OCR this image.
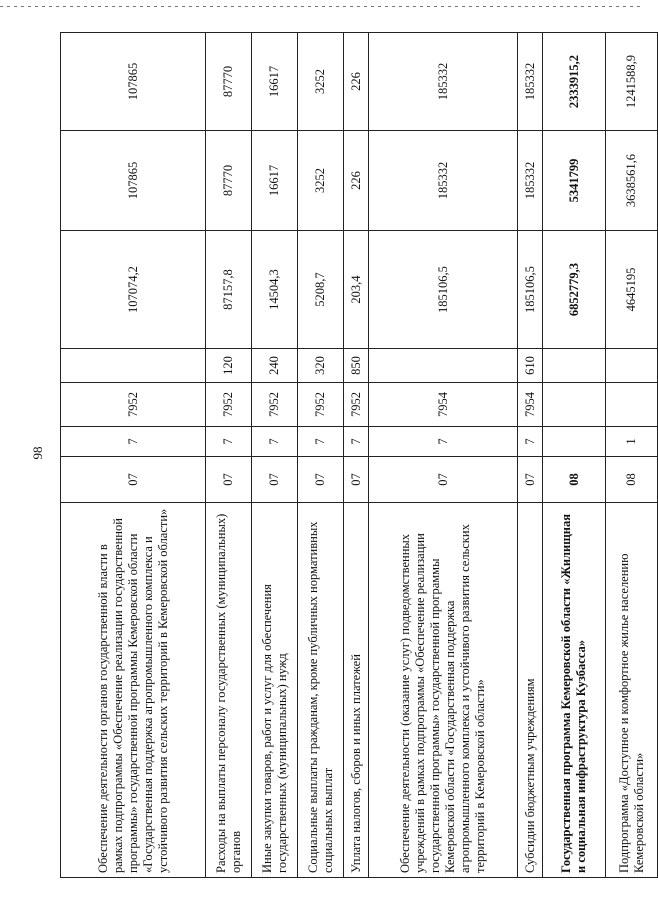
98
Обеспечение деятельности органов государственной власти в рамках подпрограммы «Обеспечение реализации государственной программы» государственной программы Кемеровской области «Государственная поддержка агропромышленного комплекса и устойчивого развития сельских территорий в Кемеровской области»	07	7	7952		107074,2	107865	107865
Расходы на выплаты персоналу государственных (муниципальных) органов	07	7	7952	120	87157,8	87770	87770
Иные закупки товаров, работ и услуг для обеспечения государственных (муниципальных) нужд	07	7	7952	240	14504,3	16617	16617
Социальные выплаты гражданам, кроме публичных нормативных социальных выплат	07	7	7952	320	5208,7	3252	3252
Уплата налогов, сборов и иных платежей	07	7	7952	850	203,4	226	226
Обеспечение деятельности (оказание услуг) подведомственных учреждений в рамках подпрограммы «Обеспечение реализации государственной программы» государственной программы Кемеровской области «Государственная поддержка агропромышленного комплекса и устойчивого развития сельских территорий в Кемеровской области»	07	7	7954		185106,5	185332	185332
Субсидии бюджетным учреждениям	07	7	7954	610	185106,5	185332	185332
Государственная программа Кемеровской области «Жилищная и социальная инфраструктура Кузбасса»	08				6852779,3	5341799	2333915,2
Подпрограмма «Доступное и комфортное жилье населению Кемеровской области»	08	1			4645195	3638561,6	1241588,9
